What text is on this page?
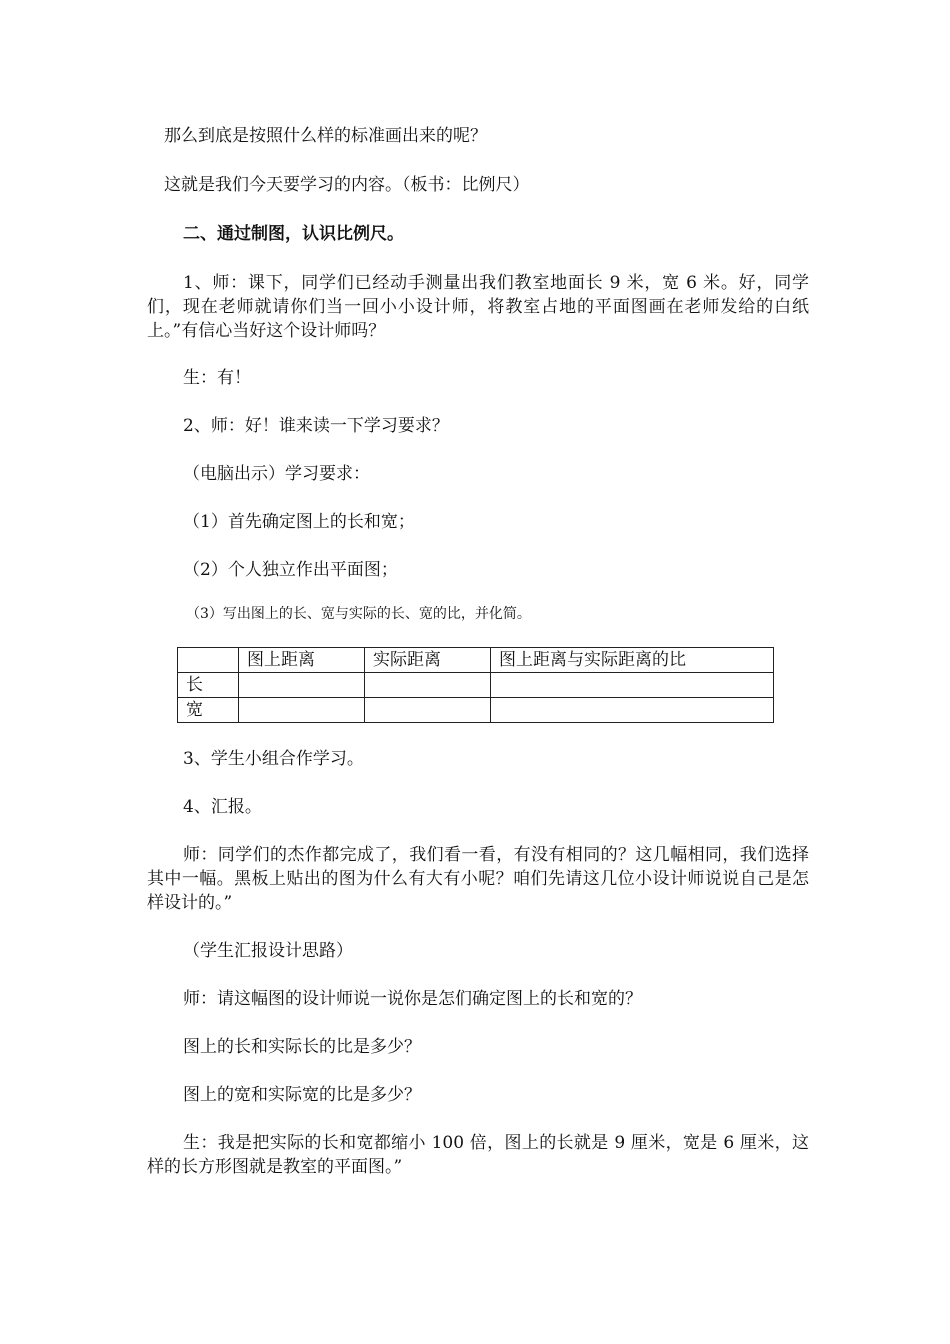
那么到底是按照什么样的标准画出来的呢？

这就是我们今天要学习的内容。（板书：比例尺）

二、通过制图，认识比例尺。

1、师：课下，同学们已经动手测量出我们教室地面长 9 米，宽 6 米。好，同学们，现在老师就请你们当一回小小设计师，将教室占地的平面图画在老师发给的白纸上。”有信心当好这个设计师吗？

生：有！

2、师：好！谁来读一下学习要求？

（电脑出示）学习要求：

（1）首先确定图上的长和宽；

（2）个人独立作出平面图；

（3）写出图上的长、宽与实际的长、宽的比，并化简。

	图上距离	实际距离	图上距离与实际距离的比
长			
宽			

3、学生小组合作学习。

4、汇报。

师：同学们的杰作都完成了，我们看一看，有没有相同的？这几幅相同，我们选择其中一幅。黑板上贴出的图为什么有大有小呢？咱们先请这几位小设计师说说自己是怎样设计的。”

（学生汇报设计思路）

师：请这幅图的设计师说一说你是怎们确定图上的长和宽的？

图上的长和实际长的比是多少？

图上的宽和实际宽的比是多少？

生：我是把实际的长和宽都缩小 100 倍，图上的长就是 9 厘米，宽是 6 厘米，这样的长方形图就是教室的平面图。”
